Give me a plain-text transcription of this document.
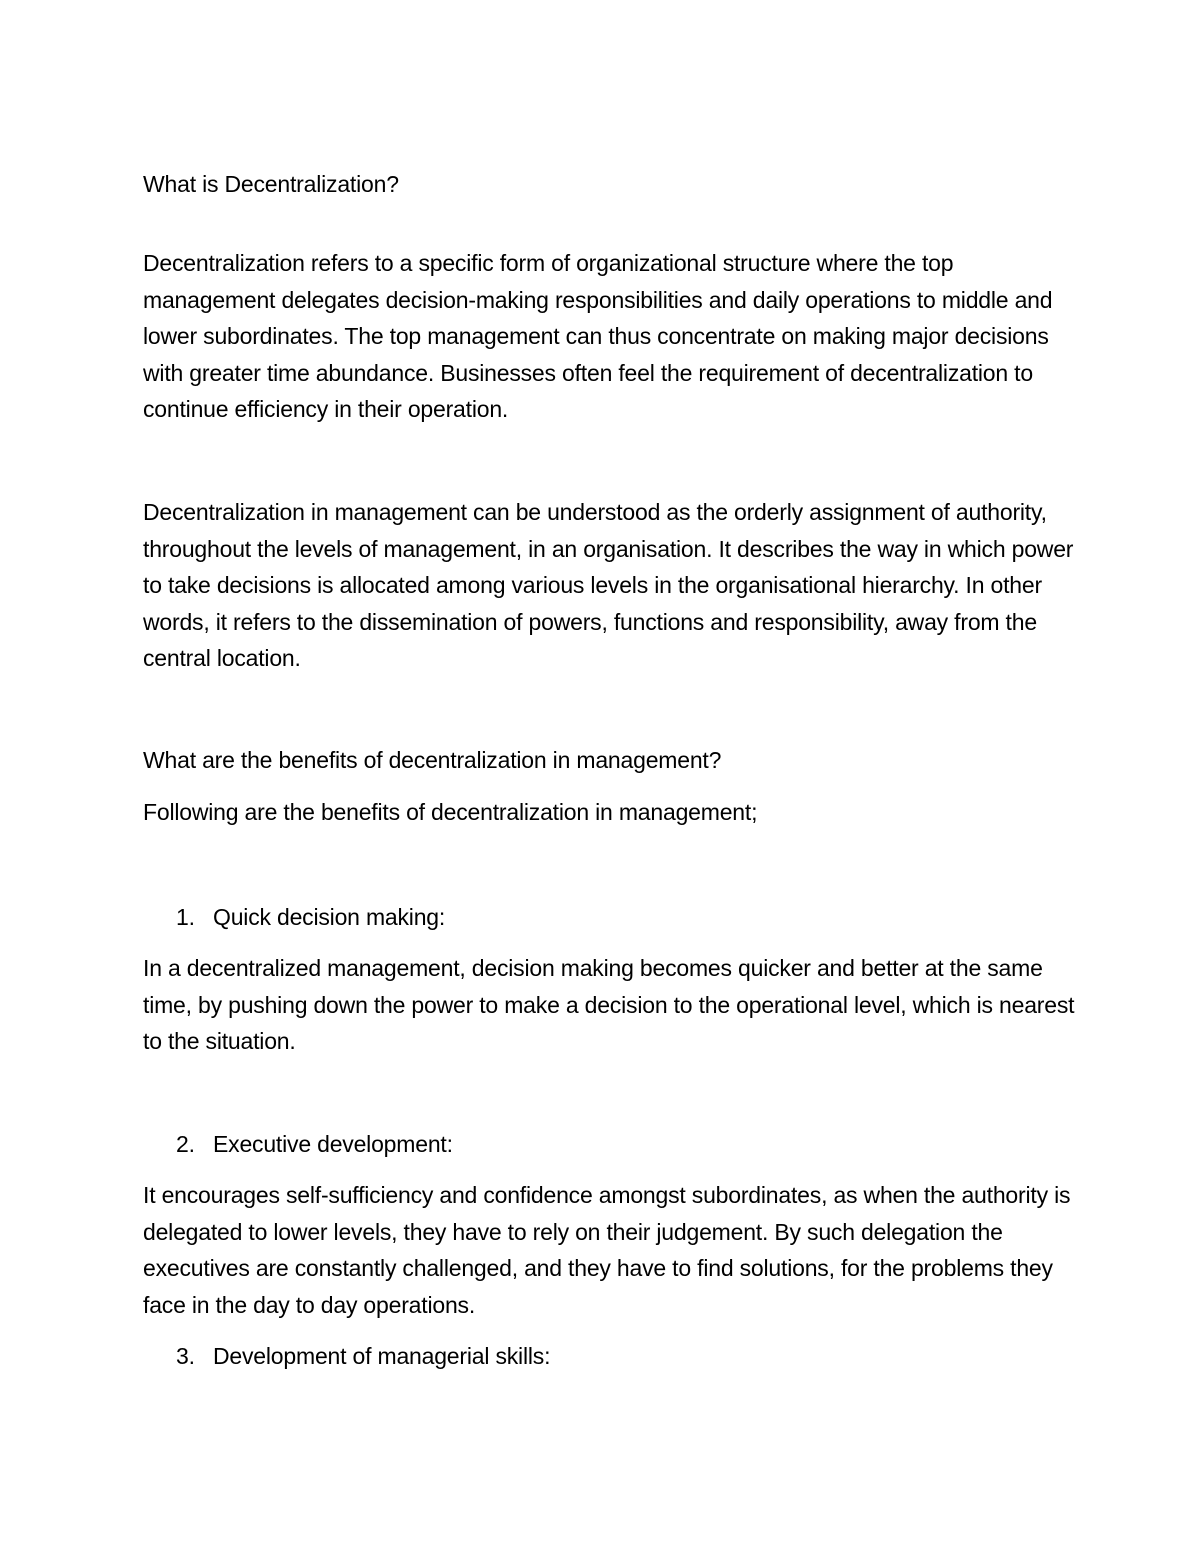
What is Decentralization?

Decentralization refers to a specific form of organizational structure where the top management delegates decision-making responsibilities and daily operations to middle and lower subordinates. The top management can thus concentrate on making major decisions with greater time abundance. Businesses often feel the requirement of decentralization to continue efficiency in their operation.

Decentralization in management can be understood as the orderly assignment of authority, throughout the levels of management, in an organisation. It describes the way in which power to take decisions is allocated among various levels in the organisational hierarchy. In other words, it refers to the dissemination of powers, functions and responsibility, away from the central location.

What are the benefits of decentralization in management?

Following are the benefits of decentralization in management;

1. Quick decision making:

In a decentralized management, decision making becomes quicker and better at the same time, by pushing down the power to make a decision to the operational level, which is nearest to the situation.

2. Executive development:

It encourages self-sufficiency and confidence amongst subordinates, as when the authority is delegated to lower levels, they have to rely on their judgement. By such delegation the executives are constantly challenged, and they have to find solutions, for the problems they face in the day to day operations.

3. Development of managerial skills:
